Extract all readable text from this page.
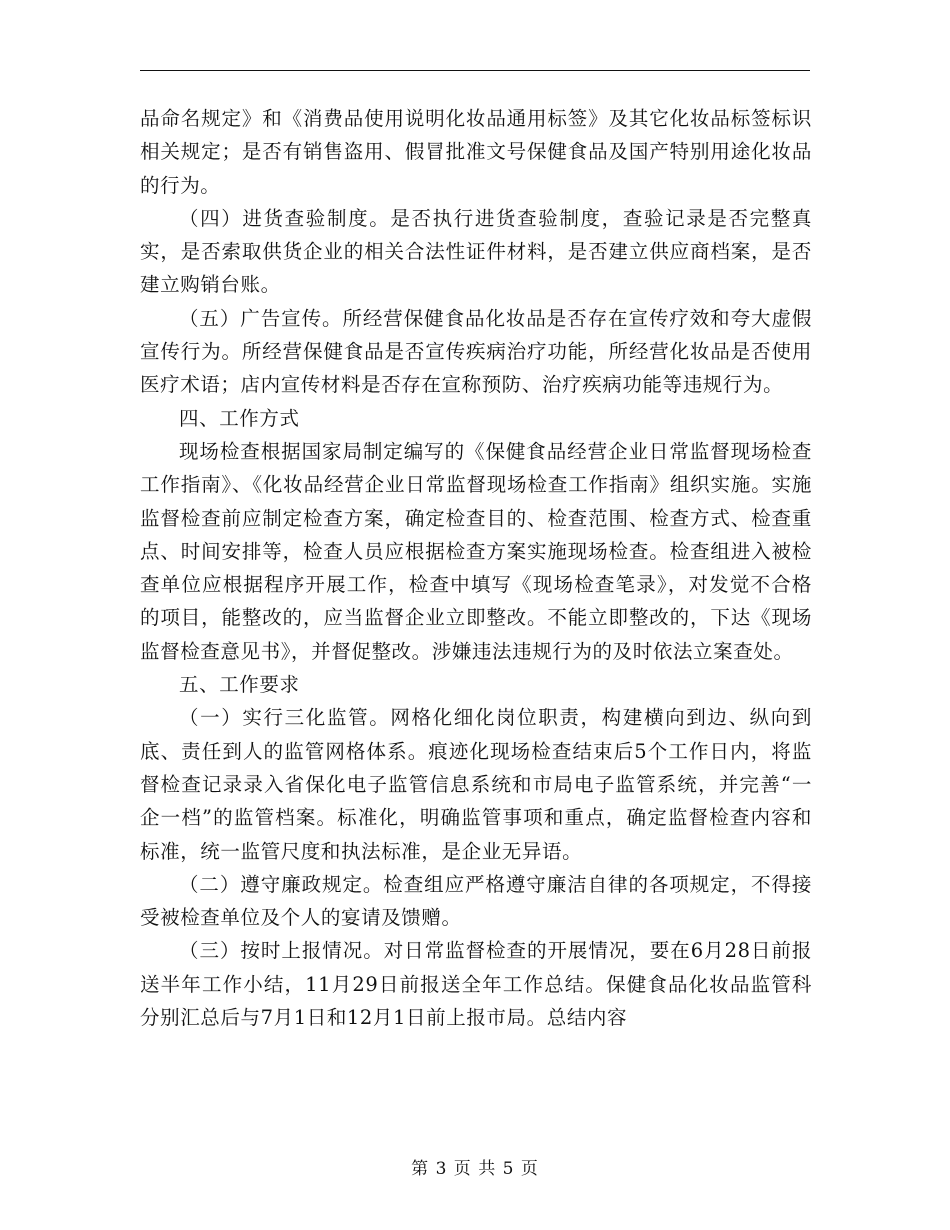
品命名规定》和《消费品使用说明化妆品通用标签》及其它化妆品标签标识相关规定；是否有销售盗用、假冒批准文号保健食品及国产特别用途化妆品的行为。

（四）进货查验制度。是否执行进货查验制度，查验记录是否完整真实，是否索取供货企业的相关合法性证件材料，是否建立供应商档案，是否建立购销台账。

（五）广告宣传。所经营保健食品化妆品是否存在宣传疗效和夸大虚假宣传行为。所经营保健食品是否宣传疾病治疗功能，所经营化妆品是否使用医疗术语；店内宣传材料是否存在宣称预防、治疗疾病功能等违规行为。

四、工作方式

现场检查根据国家局制定编写的《保健食品经营企业日常监督现场检查工作指南》、《化妆品经营企业日常监督现场检查工作指南》组织实施。实施监督检查前应制定检查方案，确定检查目的、检查范围、检查方式、检查重点、时间安排等，检查人员应根据检查方案实施现场检查。检查组进入被检查单位应根据程序开展工作，检查中填写《现场检查笔录》，对发觉不合格的项目，能整改的，应当监督企业立即整改。不能立即整改的，下达《现场监督检查意见书》，并督促整改。涉嫌违法违规行为的及时依法立案查处。

五、工作要求

（一）实行三化监管。网格化细化岗位职责，构建横向到边、纵向到底、责任到人的监管网格体系。痕迹化现场检查结束后5个工作日内，将监督检查记录录入省保化电子监管信息系统和市局电子监管系统，并完善“一企一档”的监管档案。标准化，明确监管事项和重点，确定监督检查内容和标准，统一监管尺度和执法标准，是企业无异语。

（二）遵守廉政规定。检查组应严格遵守廉洁自律的各项规定，不得接受被检查单位及个人的宴请及馈赠。

（三）按时上报情况。对日常监督检查的开展情况，要在6月28日前报送半年工作小结，11月29日前报送全年工作总结。保健食品化妆品监管科分别汇总后与7月1日和12月1日前上报市局。总结内容

第 3 页 共 5 页
